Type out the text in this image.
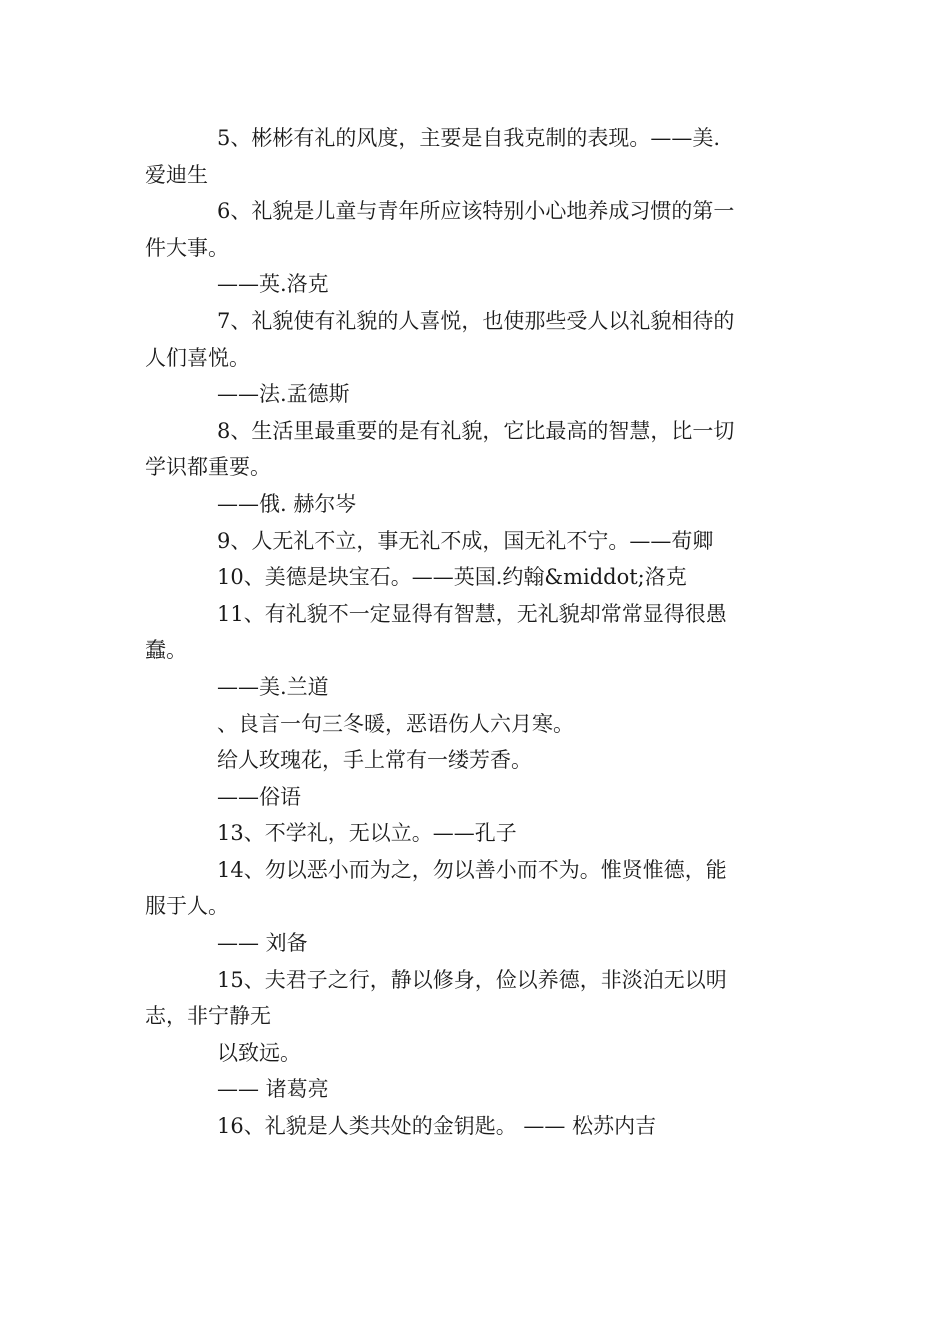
5、彬彬有礼的风度，主要是自我克制的表现。——美.
爱迪生
6、礼貌是儿童与青年所应该特别小心地养成习惯的第一
件大事。
——英.洛克
7、礼貌使有礼貌的人喜悦，也使那些受人以礼貌相待的
人们喜悦。
——法.孟德斯
8、生活里最重要的是有礼貌，它比最高的智慧，比一切
学识都重要。
——俄. 赫尔岑
9、人无礼不立，事无礼不成，国无礼不宁。——荀卿
10、美德是块宝石。——英国.约翰&middot;洛克
11、有礼貌不一定显得有智慧，无礼貌却常常显得很愚
蠢。
——美.兰道
、良言一句三冬暖，恶语伤人六月寒。
给人玫瑰花，手上常有一缕芳香。
——俗语
13、不学礼，无以立。——孔子
14、勿以恶小而为之，勿以善小而不为。惟贤惟德，能
服于人。
—— 刘备
15、夫君子之行，静以修身，俭以养德，非淡泊无以明
志，非宁静无
以致远。
—— 诸葛亮
16、礼貌是人类共处的金钥匙。 —— 松苏内吉
